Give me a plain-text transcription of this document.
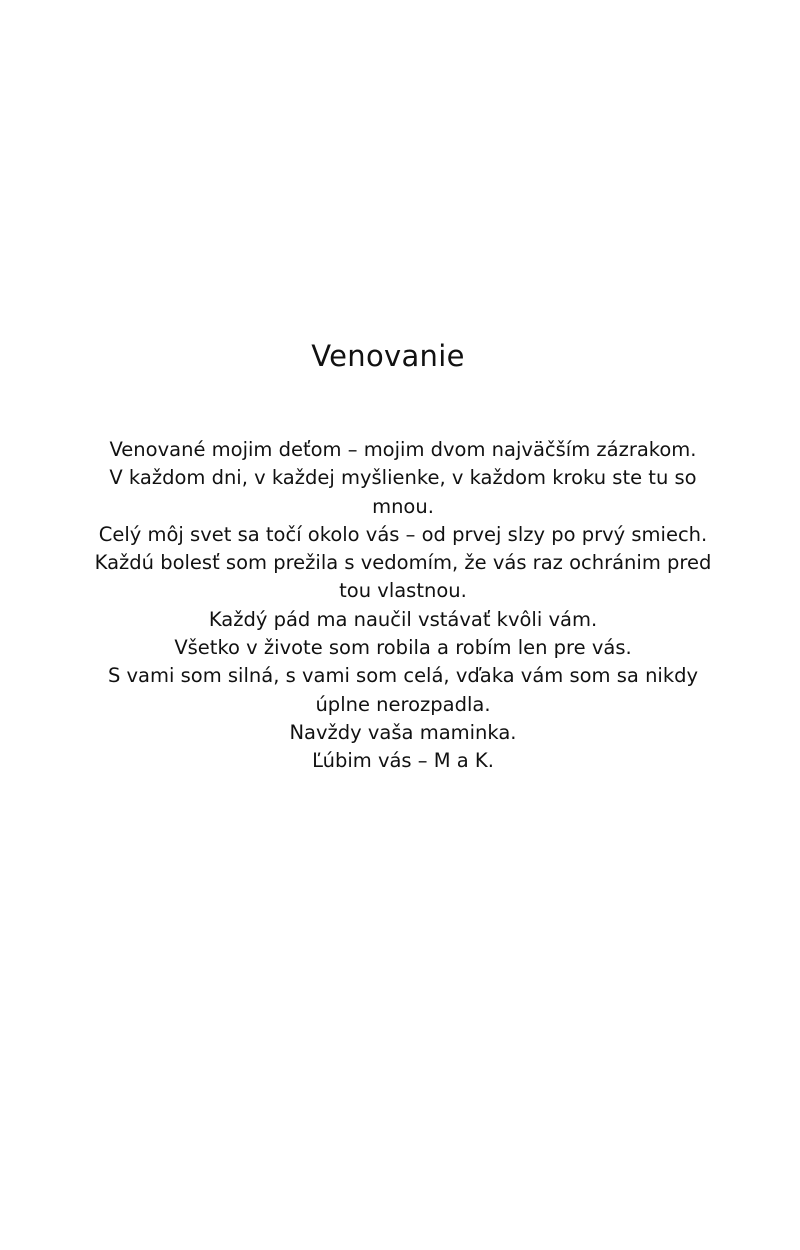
Venovanie
Venované mojim deťom – mojim dvom najväčším zázrakom.
V každom dni, v každej myšlienke, v každom kroku ste tu so mnou.
Celý môj svet sa točí okolo vás – od prvej slzy po prvý smiech.
Každú bolesť som prežila s vedomím, že vás raz ochránim pred tou vlastnou.
Každý pád ma naučil vstávať kvôli vám.
Všetko v živote som robila a robím len pre vás.
S vami som silná, s vami som celá, vďaka vám som sa nikdy úplne nerozpadla.
Navždy vaša maminka.
Ľúbim vás – M a K.
